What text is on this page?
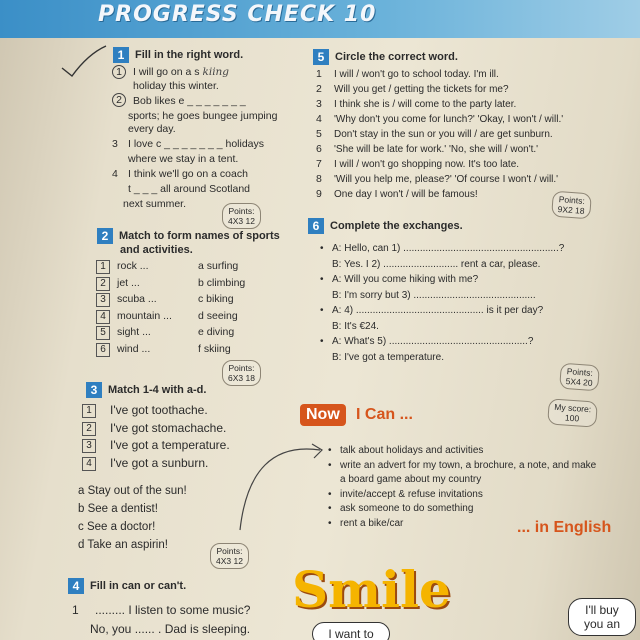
PROGRESS CHECK 10
1 Fill in the right word.
1	I will go on a s kiing
holiday this winter.
2	Bob likes e _ _ _ _ _ _ _
sports; he goes bungee jumping
every day.
3 I love c _ _ _ _ _ _ _ holidays
where we stay in a tent.
4 I think we'll go on a coach
t _ _ _ all around Scotland
next summer.
Points:
4X3 12
2 Match to form names of sports
and activities.
Points:
6X3 18
3 Match 1-4 with a-d.
Points:
4X3 12
4 Fill in can or can't.
1 ......... I listen to some music?
No, you ...... . Dad is sleeping.
5 Circle the correct word.
Points:
9X2 18
6 Complete the exchanges.
Points:
5X4 20
My score:
100
Now	I Can ...
... in English
Smile
I want to
I'll buy
you an
1	rock ...	a surfing
2	jet ...	b climbing
3	scuba ...	c biking
4	mountain ... d seeing
5	sight ...	e diving
6	wind ...	f skiing
1	I've got toothache.
2	I've got stomachache.
3	I've got a temperature.
4	I've got a sunburn.
a Stay out of the sun!
b See a dentist!
c See a doctor!
d Take an aspirin!
1 I will / won't go to school today. I'm ill.
2 Will you get / getting the tickets for me?
3 I think she is / will come to the party later.
4 'Why don't you come for lunch?' 'Okay, I won't / will.'
5 Don't stay in the sun or you will / are get sunburn.
6 'She will be late for work.' 'No, she will / won't.'
7 I will / won't go shopping now. It's too late.
8 'Will you help me, please?' 'Of course I won't / will.'
9 One day I won't / will be famous!
• A: Hello, can 1) ........................................................?
B: Yes. I 2) ........................... rent a car, please.
• A: Will you come hiking with me?
B: I'm sorry but 3) ............................................
• A: 4) .............................................. is it per day?
B: It's €24.
• A: What's 5) ..................................................?
B: I've got a temperature.
• talk about holidays and activities
• write an advert for my town, a brochure, a note, and make
a board game about my country
• invite/accept & refuse invitations
• ask someone to do something
• rent a bike/car
